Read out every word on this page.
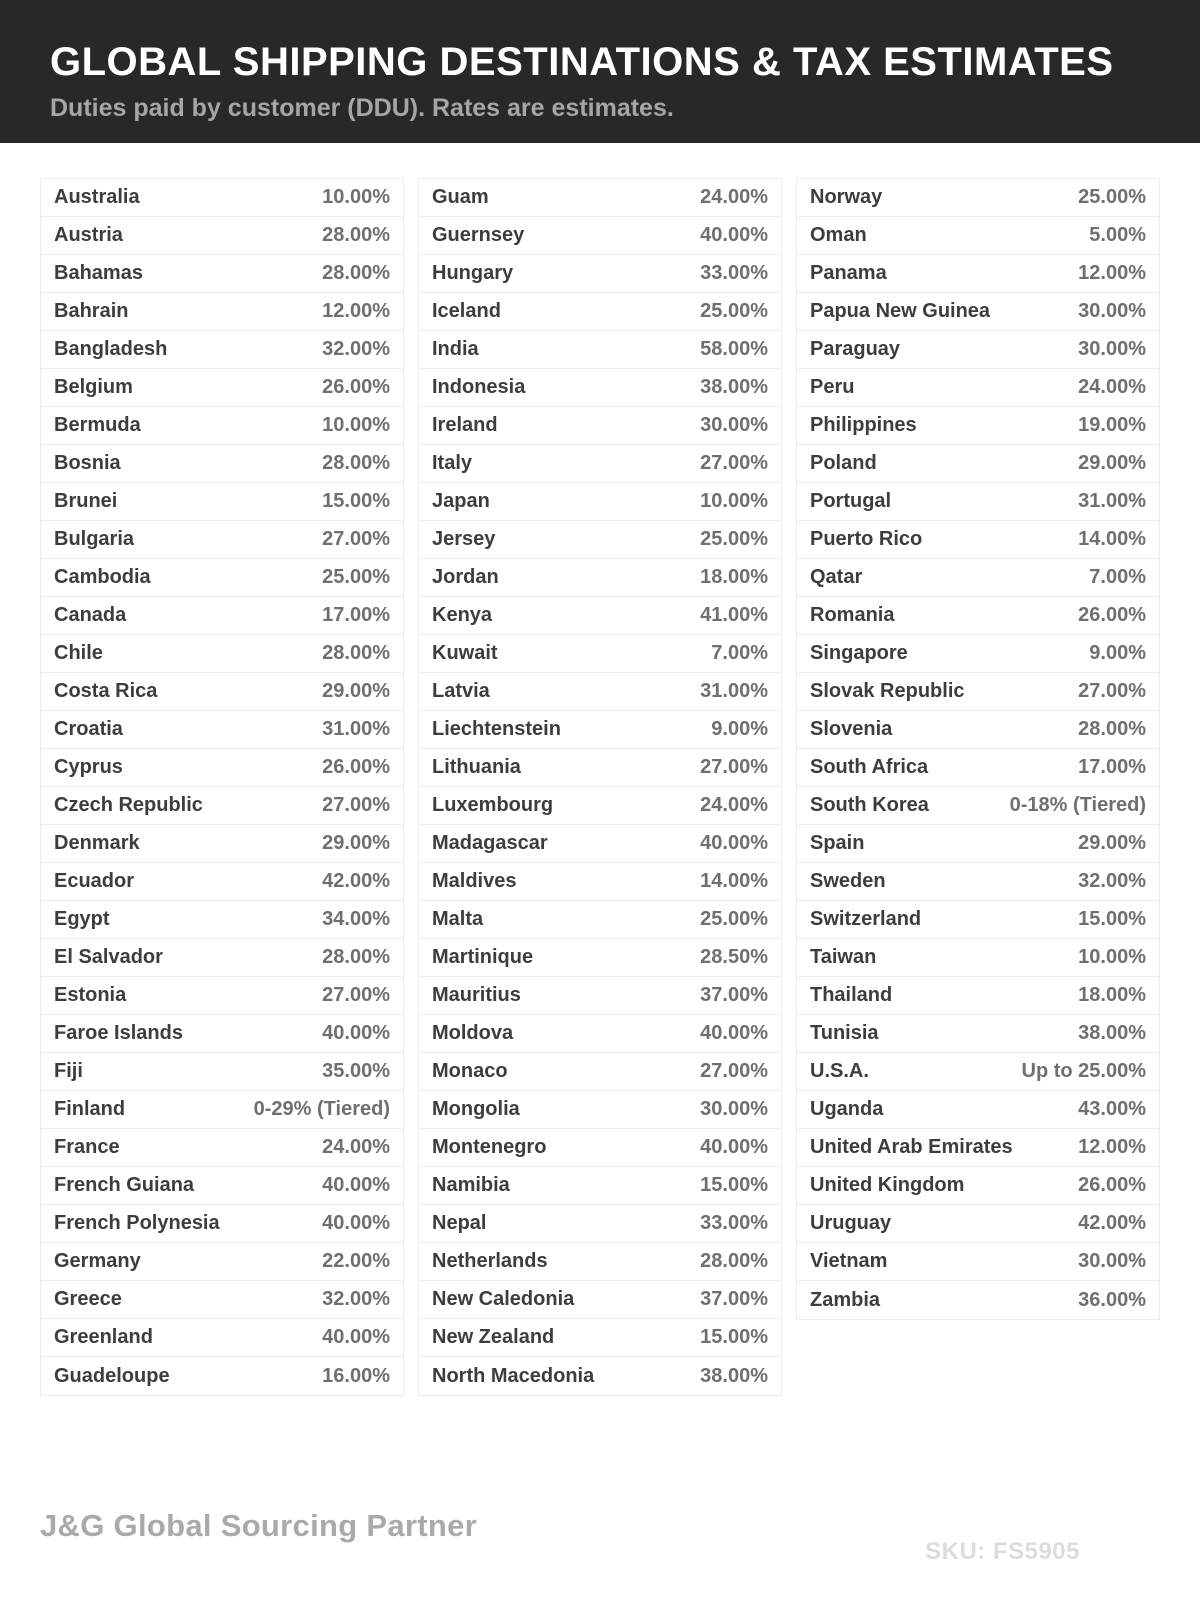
GLOBAL SHIPPING DESTINATIONS & TAX ESTIMATES
Duties paid by customer (DDU). Rates are estimates.
Australia	10.00%
Austria	28.00%
Bahamas	28.00%
Bahrain	12.00%
Bangladesh	32.00%
Belgium	26.00%
Bermuda	10.00%
Bosnia	28.00%
Brunei	15.00%
Bulgaria	27.00%
Cambodia	25.00%
Canada	17.00%
Chile	28.00%
Costa Rica	29.00%
Croatia	31.00%
Cyprus	26.00%
Czech Republic	27.00%
Denmark	29.00%
Ecuador	42.00%
Egypt	34.00%
El Salvador	28.00%
Estonia	27.00%
Faroe Islands	40.00%
Fiji	35.00%
Finland	0-29% (Tiered)
France	24.00%
French Guiana	40.00%
French Polynesia	40.00%
Germany	22.00%
Greece	32.00%
Greenland	40.00%
Guadeloupe	16.00%
Guam	24.00%
Guernsey	40.00%
Hungary	33.00%
Iceland	25.00%
India	58.00%
Indonesia	38.00%
Ireland	30.00%
Italy	27.00%
Japan	10.00%
Jersey	25.00%
Jordan	18.00%
Kenya	41.00%
Kuwait	7.00%
Latvia	31.00%
Liechtenstein	9.00%
Lithuania	27.00%
Luxembourg	24.00%
Madagascar	40.00%
Maldives	14.00%
Malta	25.00%
Martinique	28.50%
Mauritius	37.00%
Moldova	40.00%
Monaco	27.00%
Mongolia	30.00%
Montenegro	40.00%
Namibia	15.00%
Nepal	33.00%
Netherlands	28.00%
New Caledonia	37.00%
New Zealand	15.00%
North Macedonia	38.00%
Norway	25.00%
Oman	5.00%
Panama	12.00%
Papua New Guinea	30.00%
Paraguay	30.00%
Peru	24.00%
Philippines	19.00%
Poland	29.00%
Portugal	31.00%
Puerto Rico	14.00%
Qatar	7.00%
Romania	26.00%
Singapore	9.00%
Slovak Republic	27.00%
Slovenia	28.00%
South Africa	17.00%
South Korea	0-18% (Tiered)
Spain	29.00%
Sweden	32.00%
Switzerland	15.00%
Taiwan	10.00%
Thailand	18.00%
Tunisia	38.00%
U.S.A.	Up to 25.00%
Uganda	43.00%
United Arab Emirates	12.00%
United Kingdom	26.00%
Uruguay	42.00%
Vietnam	30.00%
Zambia	36.00%
J&G Global Sourcing Partner
SKU: FS5905
